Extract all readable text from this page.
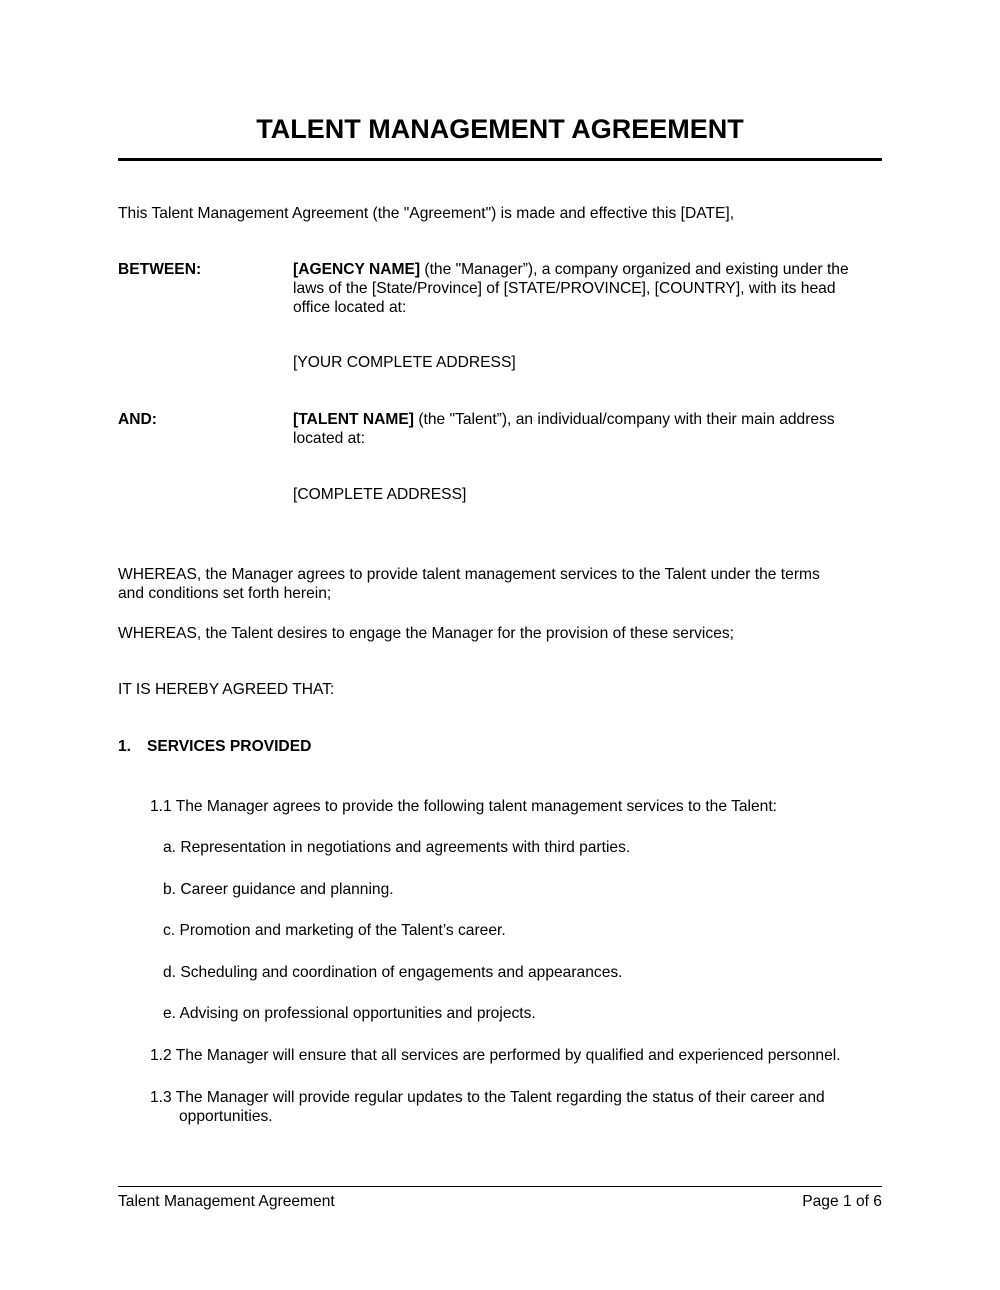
TALENT MANAGEMENT AGREEMENT
This Talent Management Agreement (the "Agreement") is made and effective this [DATE],
BETWEEN:	[AGENCY NAME] (the "Manager”), a company organized and existing under the
laws of the [State/Province] of [STATE/PROVINCE], [COUNTRY], with its head
office located at:
[YOUR COMPLETE ADDRESS]
AND:	[TALENT NAME] (the "Talent”), an individual/company with their main address
located at:
[COMPLETE ADDRESS]
WHEREAS, the Manager agrees to provide talent management services to the Talent under the terms
and conditions set forth herein;
WHEREAS, the Talent desires to engage the Manager for the provision of these services;
IT IS HEREBY AGREED THAT:
1. SERVICES PROVIDED
1.1 The Manager agrees to provide the following talent management services to the Talent:
a. Representation in negotiations and agreements with third parties.
b. Career guidance and planning.
c. Promotion and marketing of the Talent’s career.
d. Scheduling and coordination of engagements and appearances.
e. Advising on professional opportunities and projects.
1.2 The Manager will ensure that all services are performed by qualified and experienced personnel.
1.3 The Manager will provide regular updates to the Talent regarding the status of their career and
opportunities.
Talent Management Agreement	Page 1 of 6
